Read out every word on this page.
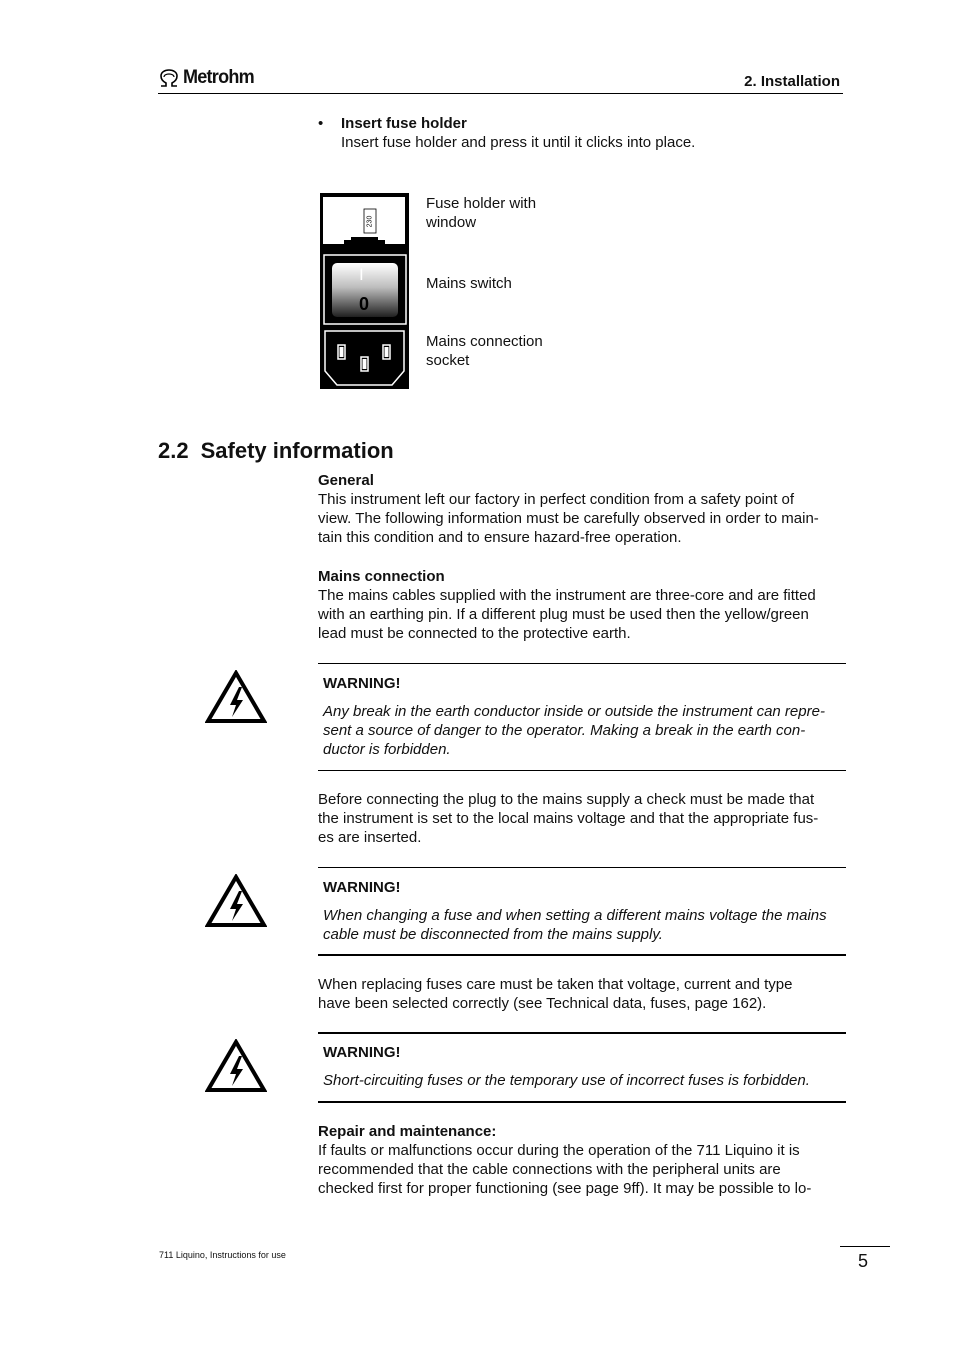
Metrohm	2. Installation
• Insert fuse holder
Insert fuse holder and press it until it clicks into place.
230
I
0
Fuse holder with
window
Mains switch
Mains connection
socket
2.2 Safety information
General
This instrument left our factory in perfect condition from a safety point of
view. The following information must be carefully observed in order to main-
tain this condition and to ensure hazard-free operation.
Mains connection
The mains cables supplied with the instrument are three-core and are fitted
with an earthing pin. If a different plug must be used then the yellow/green
lead must be connected to the protective earth.
WARNING!
Any break in the earth conductor inside or outside the instrument can repre-
sent a source of danger to the operator. Making a break in the earth con-
ductor is forbidden.
Before connecting the plug to the mains supply a check must be made that
the instrument is set to the local mains voltage and that the appropriate fus-
es are inserted.
WARNING!
When changing a fuse and when setting a different mains voltage the mains
cable must be disconnected from the mains supply.
When replacing fuses care must be taken that voltage, current and type
have been selected correctly (see Technical data, fuses, page 162).
WARNING!
Short-circuiting fuses or the temporary use of incorrect fuses is forbidden.
Repair and maintenance:
If faults or malfunctions occur during the operation of the 711 Liquino it is
recommended that the cable connections with the peripheral units are
checked first for proper functioning (see page 9ff). It may be possible to lo-
711 Liquino, Instructions for use	5
